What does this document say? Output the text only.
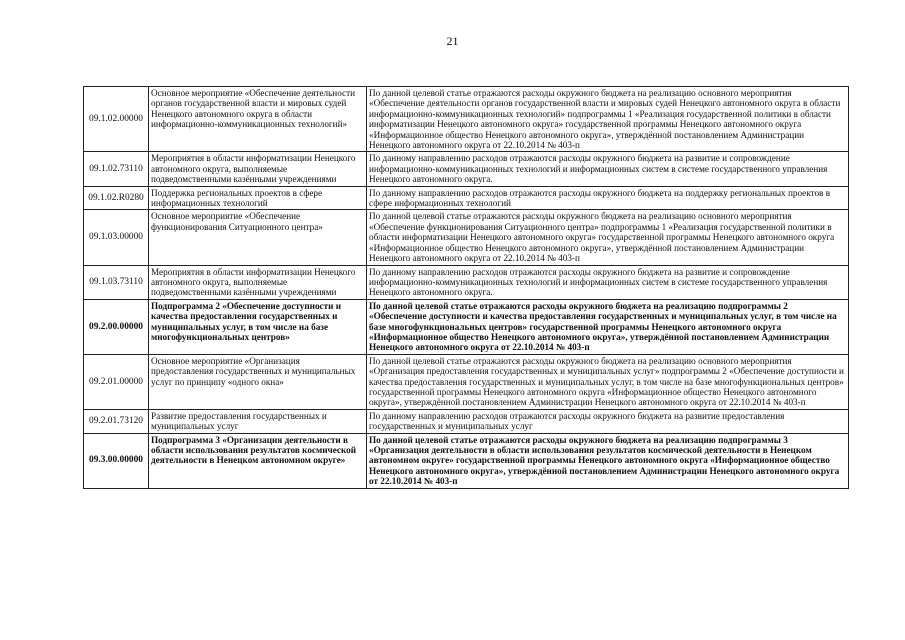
21
09.1.02.00000	Основное мероприятие «Обеспечение деятельности органов государственной власти и мировых судей Ненецкого автономного округа в области информационно-коммуникационных технологий»	По данной целевой статье отражаются расходы окружного бюджета на реализацию основного мероприятия «Обеспечение деятельности органов государственной власти и мировых судей Ненецкого автономного округа в области информационно-коммуникационных технологий» подпрограммы 1 «Реализация государственной политики в области информатизации Ненецкого автономного округа» государственной программы Ненецкого автономного округа «Информационное общество Ненецкого автономного округа», утверждённой постановлением Администрации Ненецкого автономного округа от 22.10.2014 № 403-п
09.1.02.73110	Мероприятия в области информатизации Ненецкого автономного округа, выполняемые подведомственными казёнными учреждениями	По данному направлению расходов отражаются расходы окружного бюджета на развитие и сопровождение информационно-коммуникационных технологий и информационных систем в системе государственного управления Ненецкого автономного округа.
09.1.02.R0280	Поддержка региональных проектов в сфере информационных технологий	По данному направлению расходов отражаются расходы окружного бюджета на поддержку региональных проектов в сфере информационных технологий
09.1.03.00000	Основное мероприятие «Обеспечение функционирования Ситуационного центра»	По данной целевой статье отражаются расходы окружного бюджета на реализацию основного мероприятия «Обеспечение функционирования Ситуационного центра» подпрограммы 1 «Реализация государственной политики в области информатизации Ненецкого автономного округа» государственной программы Ненецкого автономного округа «Информационное общество Ненецкого автономного округа», утверждённой постановлением Администрации Ненецкого автономного округа от 22.10.2014 № 403-п
09.1.03.73110	Мероприятия в области информатизации Ненецкого автономного округа, выполняемые подведомственными казёнными учреждениями	По данному направлению расходов отражаются расходы окружного бюджета на развитие и сопровождение информационно-коммуникационных технологий и информационных систем в системе государственного управления Ненецкого автономного округа.
09.2.00.00000	Подпрограмма 2 «Обеспечение доступности и качества предоставления государственных и муниципальных услуг, в том числе на базе многофункциональных центров»	По данной целевой статье отражаются расходы окружного бюджета на реализацию подпрограммы 2 «Обеспечение доступности и качества предоставления государственных и муниципальных услуг, в том числе на базе многофункциональных центров» государственной программы Ненецкого автономного округа «Информационное общество Ненецкого автономного округа», утверждённой постановлением Администрации Ненецкого автономного округа от 22.10.2014 № 403-п
09.2.01.00000	Основное мероприятие «Организация предоставления государственных и муниципальных услуг по принципу «одного окна»	По данной целевой статье отражаются расходы окружного бюджета на реализацию основного мероприятия «Организация предоставления государственных и муниципальных услуг» подпрограммы 2 «Обеспечение доступности и качества предоставления государственных и муниципальных услуг, в том числе на базе многофункциональных центров» государственной программы Ненецкого автономного округа «Информационное общество Ненецкого автономного округа», утверждённой постановлением Администрации Ненецкого автономного округа от 22.10.2014 № 403-п
09.2.01.73120	Развитие предоставления государственных и муниципальных услуг	По данному направлению расходов отражаются расходы окружного бюджета на развитие предоставления государственных и муниципальных услуг
09.3.00.00000	Подпрограмма 3 «Организация деятельности в области использования результатов космической деятельности в Ненецком автономном округе»	По данной целевой статье отражаются расходы окружного бюджета на реализацию подпрограммы 3 «Организация деятельности в области использования результатов космической деятельности в Ненецком автономном округе» государственной программы Ненецкого автономного округа «Информационное общество Ненецкого автономного округа», утверждённой постановлением Администрации Ненецкого автономного округа от 22.10.2014 № 403-п
